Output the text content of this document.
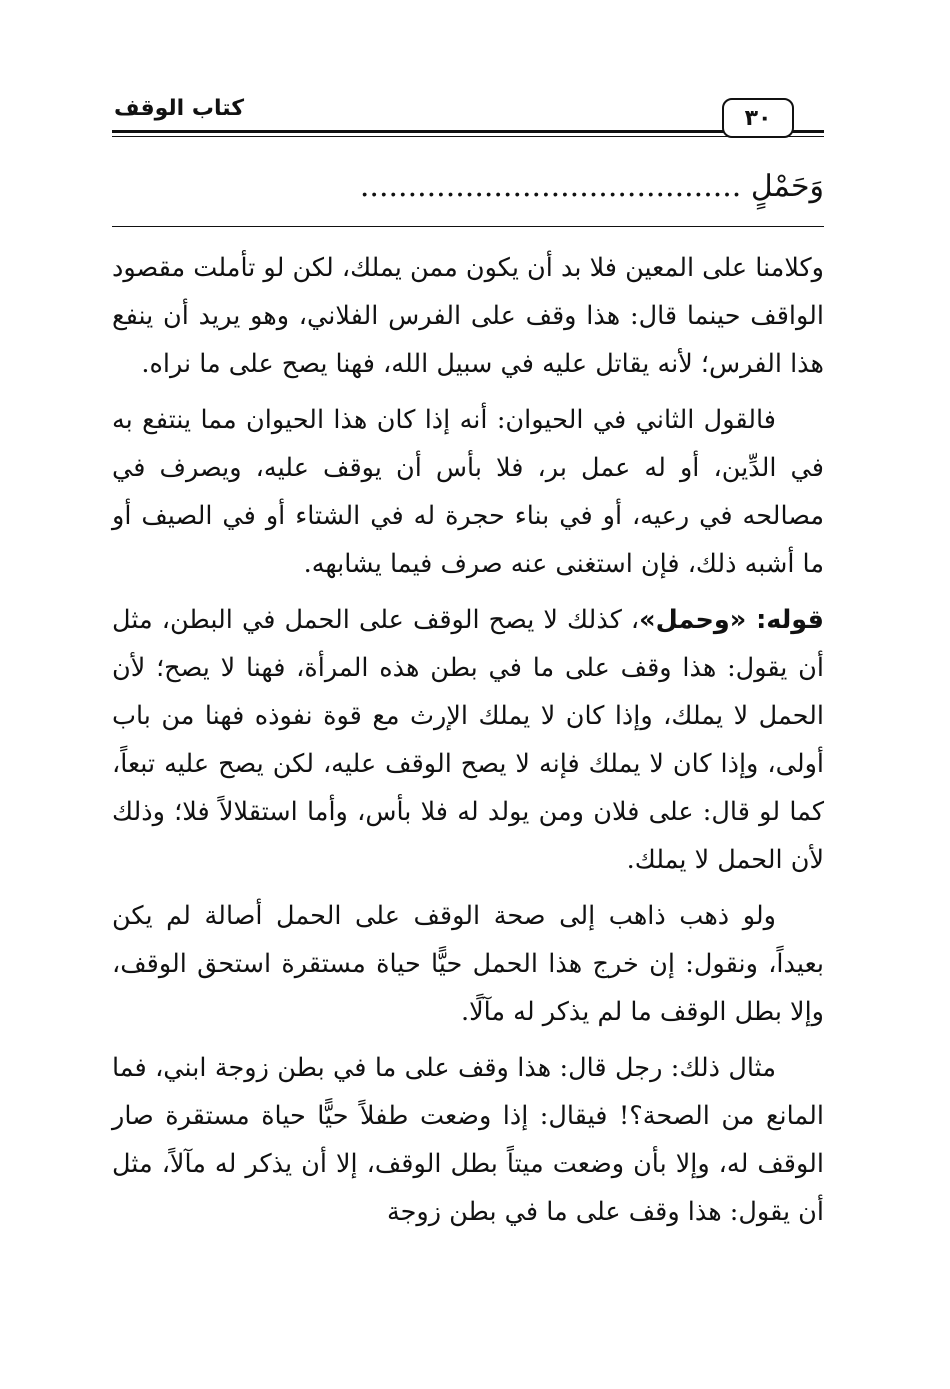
كتاب الوقف	٣٠
وَحَمْلٍ ........................................

وكلامنا على المعين فلا بد أن يكون ممن يملك، لكن لو تأملت مقصود الواقف حينما قال: هذا وقف على الفرس الفلاني، وهو يريد أن ينفع هذا الفرس؛ لأنه يقاتل عليه في سبيل الله، فهنا يصح على ما نراه.

فالقول الثاني في الحيوان: أنه إذا كان هذا الحيوان مما ينتفع به في الدِّين، أو له عمل بر، فلا بأس أن يوقف عليه، ويصرف في مصالحه في رعيه، أو في بناء حجرة له في الشتاء أو في الصيف أو ما أشبه ذلك، فإن استغنى عنه صرف فيما يشابهه.

قوله: «وحمل»، كذلك لا يصح الوقف على الحمل في البطن، مثل أن يقول: هذا وقف على ما في بطن هذه المرأة، فهنا لا يصح؛ لأن الحمل لا يملك، وإذا كان لا يملك الإرث مع قوة نفوذه فهنا من باب أولى، وإذا كان لا يملك فإنه لا يصح الوقف عليه، لكن يصح عليه تبعاً، كما لو قال: على فلان ومن يولد له فلا بأس، وأما استقلالاً فلا؛ وذلك لأن الحمل لا يملك.

ولو ذهب ذاهب إلى صحة الوقف على الحمل أصالة لم يكن بعيداً، ونقول: إن خرج هذا الحمل حيًّا حياة مستقرة استحق الوقف، وإلا بطل الوقف ما لم يذكر له مآلًا.

مثال ذلك: رجل قال: هذا وقف على ما في بطن زوجة ابني، فما المانع من الصحة؟! فيقال: إذا وضعت طفلاً حيًّا حياة مستقرة صار الوقف له، وإلا بأن وضعت ميتاً بطل الوقف، إلا أن يذكر له مآلاً، مثل أن يقول: هذا وقف على ما في بطن زوجة
